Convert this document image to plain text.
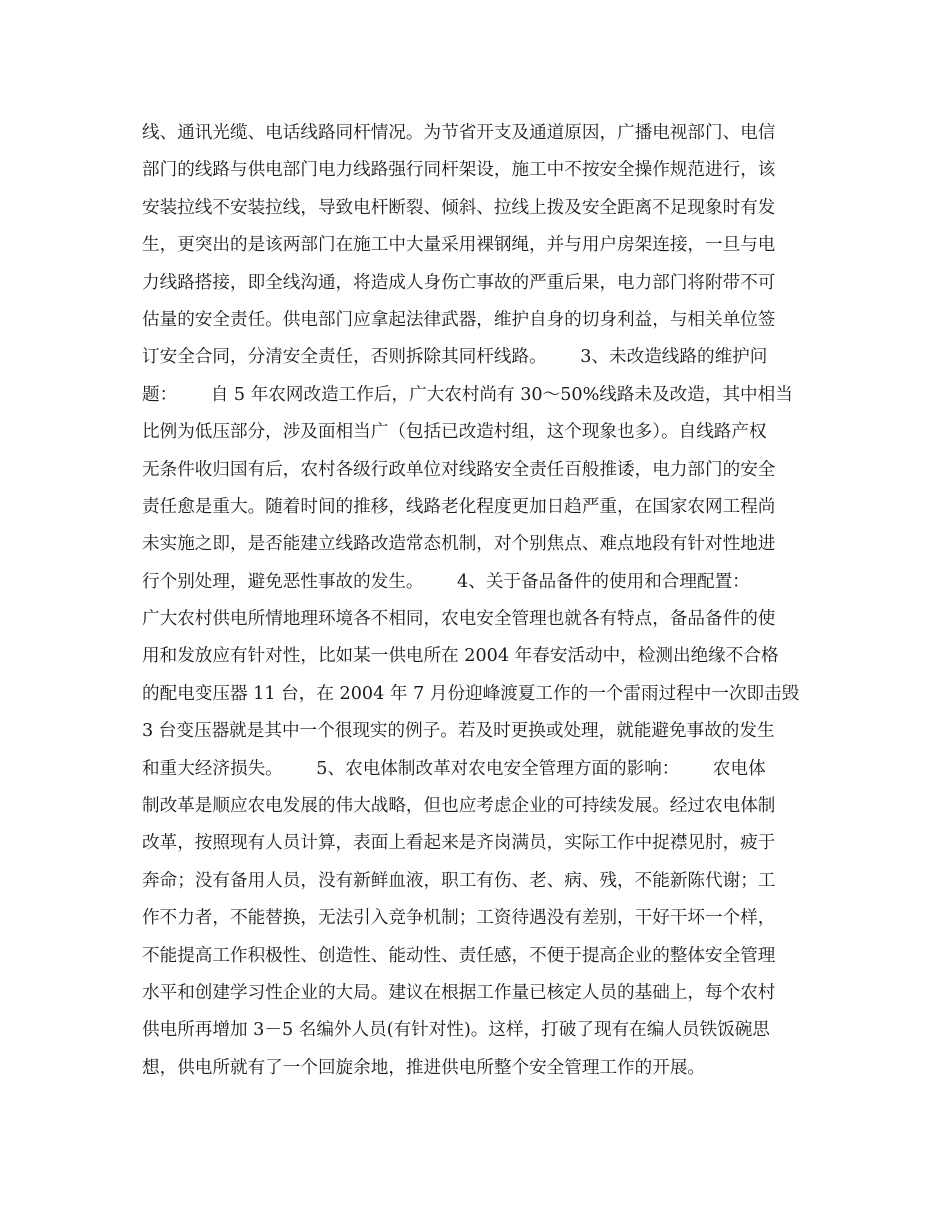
线、通讯光缆、电话线路同杆情况。为节省开支及通道原因，广播电视部门、电信
部门的线路与供电部门电力线路强行同杆架设，施工中不按安全操作规范进行，该
安装拉线不安装拉线，导致电杆断裂、倾斜、拉线上拨及安全距离不足现象时有发
生，更突出的是该两部门在施工中大量采用裸钢绳，并与用户房架连接，一旦与电
力线路搭接，即全线沟通，将造成人身伤亡事故的严重后果，电力部门将附带不可
估量的安全责任。供电部门应拿起法律武器，维护自身的切身利益，与相关单位签
订安全合同，分清安全责任，否则拆除其同杆线路。      3、未改造线路的维护问
题：      自 5 年农网改造工作后，广大农村尚有 30～50%线路未及改造，其中相当
比例为低压部分，涉及面相当广（包括已改造村组，这个现象也多）。自线路产权
无条件收归国有后，农村各级行政单位对线路安全责任百般推诿，电力部门的安全
责任愈是重大。随着时间的推移，线路老化程度更加日趋严重，在国家农网工程尚
未实施之即，是否能建立线路改造常态机制，对个别焦点、难点地段有针对性地进
行个别处理，避免恶性事故的发生。      4、关于备品备件的使用和合理配置：
广大农村供电所情地理环境各不相同，农电安全管理也就各有特点，备品备件的使
用和发放应有针对性，比如某一供电所在 2004 年春安活动中，检测出绝缘不合格
的配电变压器 11 台，在 2004 年 7 月份迎峰渡夏工作的一个雷雨过程中一次即击毁
3 台变压器就是其中一个很现实的例子。若及时更换或处理，就能避免事故的发生
和重大经济损失。      5、农电体制改革对农电安全管理方面的影响：      农电体
制改革是顺应农电发展的伟大战略，但也应考虑企业的可持续发展。经过农电体制
改革，按照现有人员计算，表面上看起来是齐岗满员，实际工作中捉襟见肘，疲于
奔命；没有备用人员，没有新鲜血液，职工有伤、老、病、残，不能新陈代谢；工
作不力者，不能替换，无法引入竞争机制；工资待遇没有差别，干好干坏一个样，
不能提高工作积极性、创造性、能动性、责任感，不便于提高企业的整体安全管理
水平和创建学习性企业的大局。建议在根据工作量已核定人员的基础上，每个农村
供电所再增加 3－5 名编外人员(有针对性)。这样，打破了现有在编人员铁饭碗思
想，供电所就有了一个回旋余地，推进供电所整个安全管理工作的开展。
